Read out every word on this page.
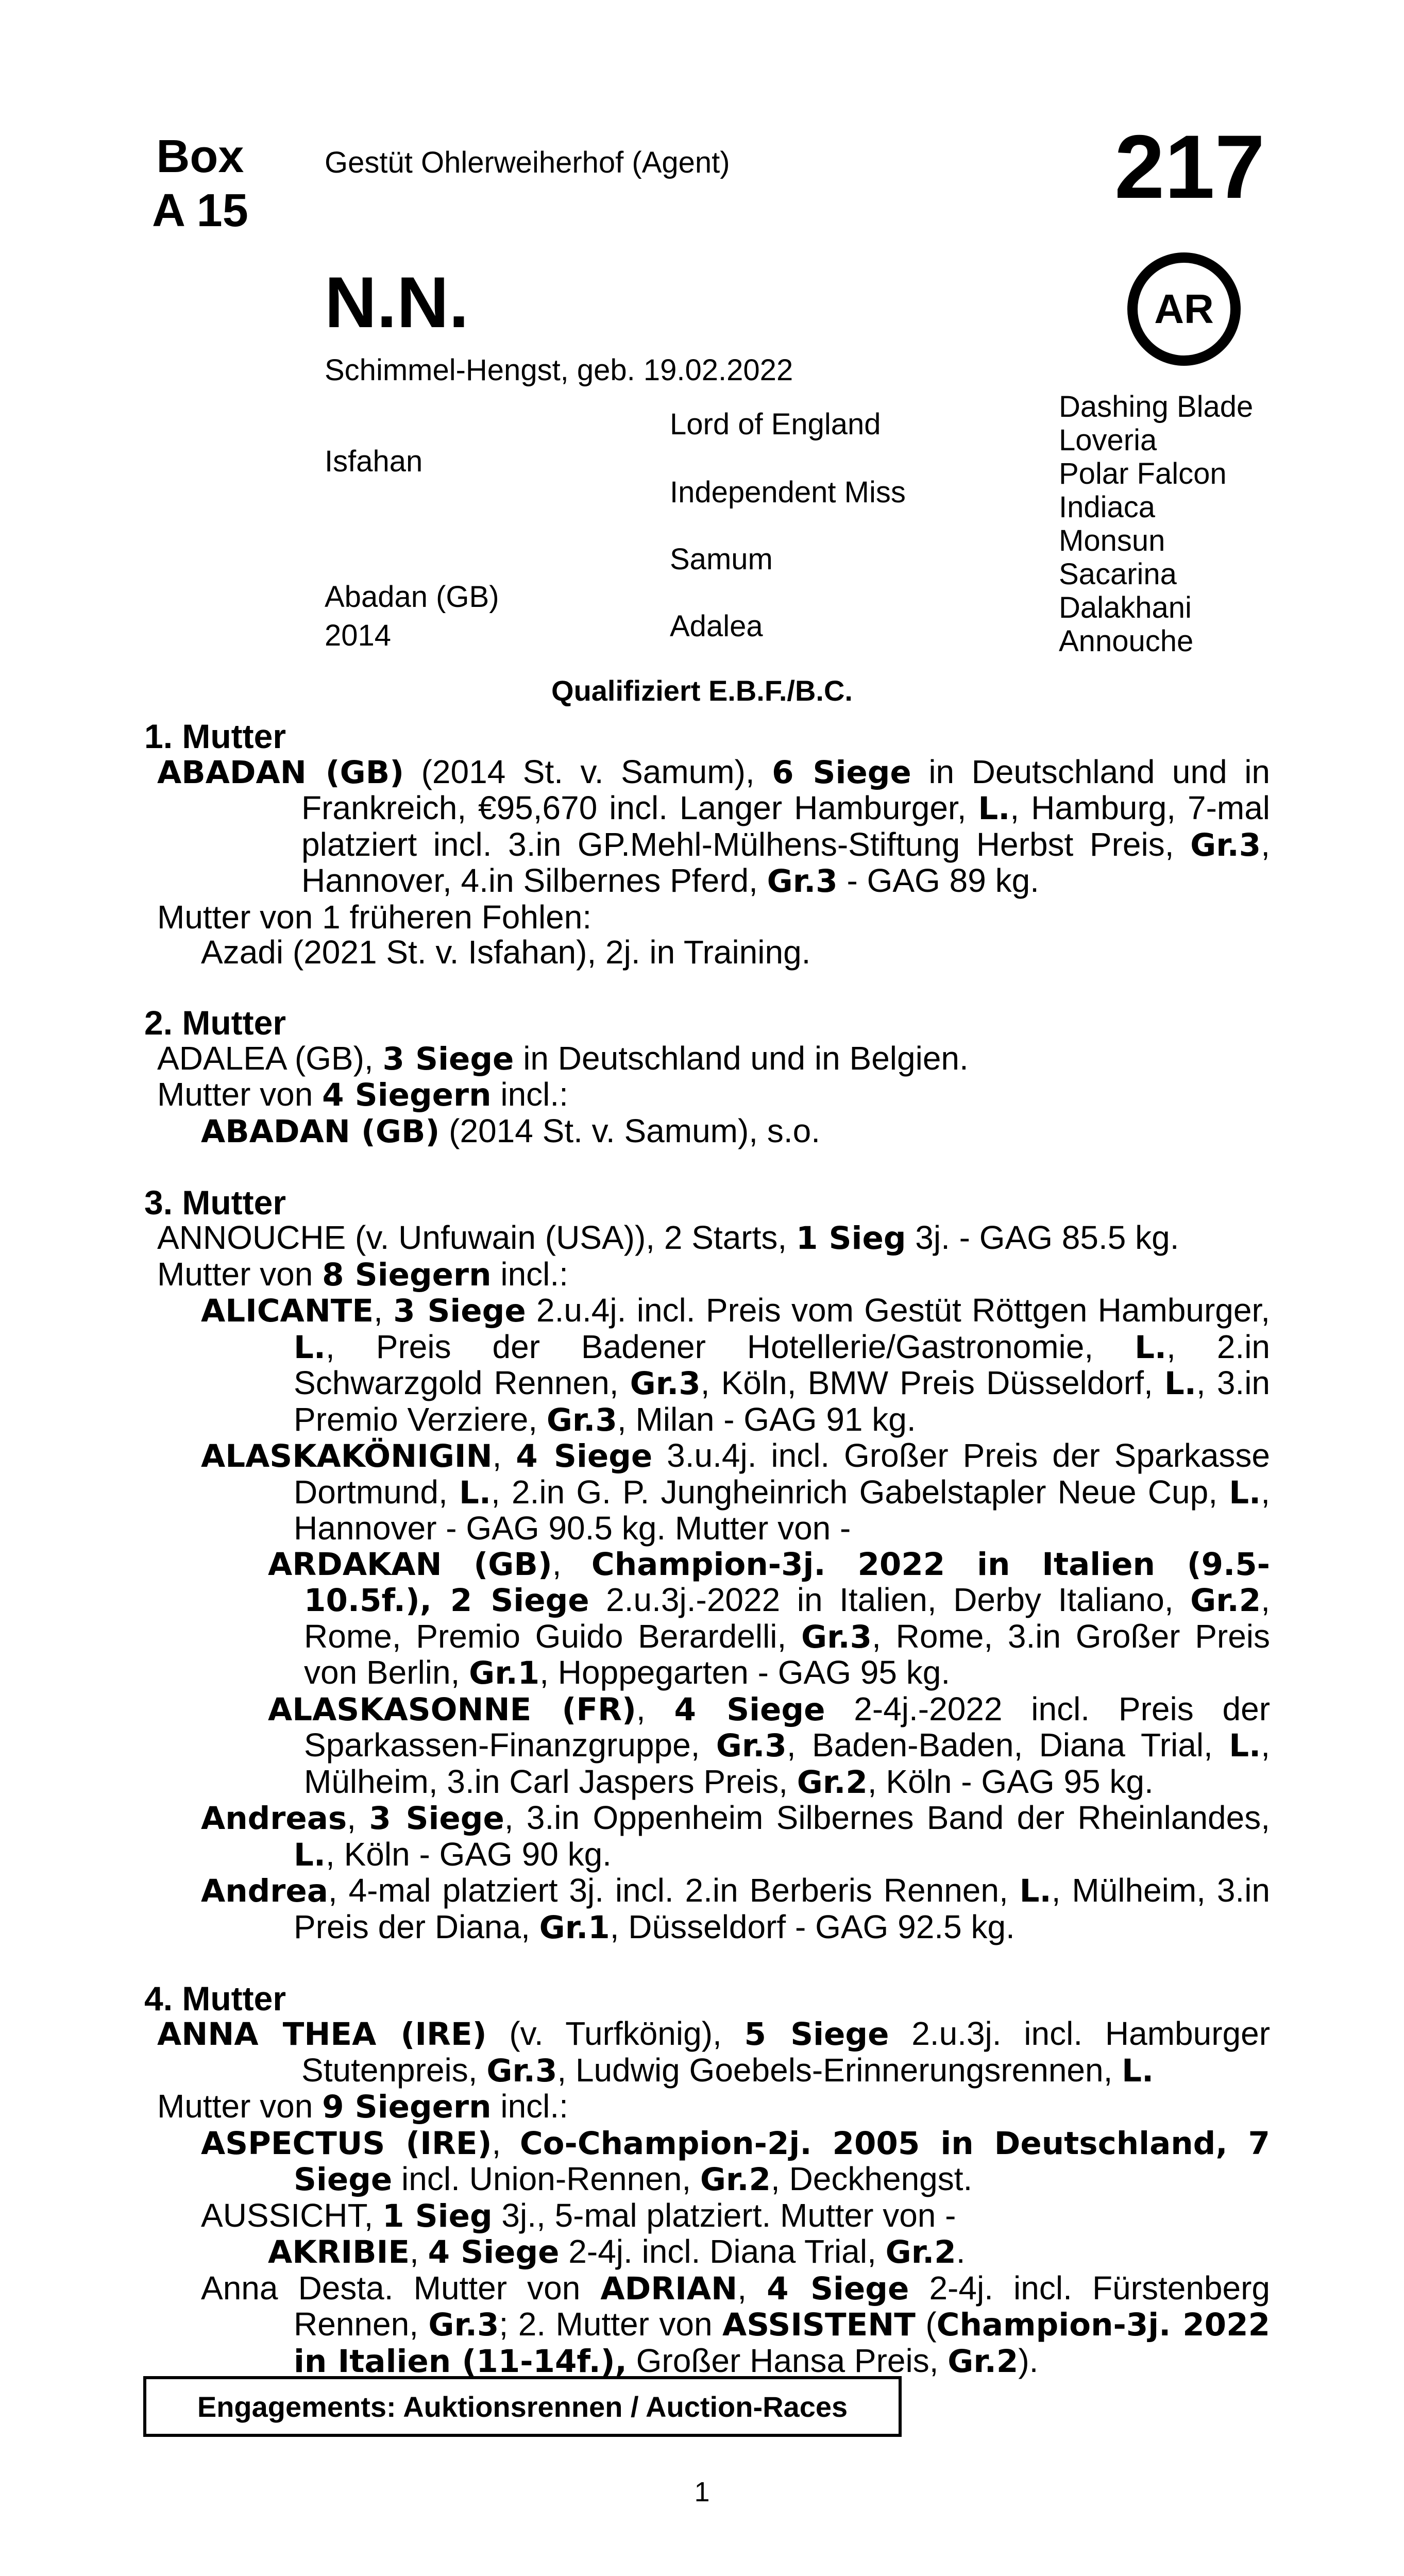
Box
A 15
Gestüt Ohlerweiherhof (Agent)	217
AR
N.N.
Schimmel-Hengst, geb. 19.02.2022
Isfahan
Abadan (GB)
2014
Lord of England
Independent Miss
Samum
Adalea
Dashing Blade
Loveria
Polar Falcon
Indiaca
Monsun
Sacarina
Dalakhani
Annouche
Qualifiziert E.B.F./B.C.
1. Mutter
ABADAN (GB) (2014 St. v. Samum), 6 Siege in Deutschland und in Frankreich, €95,670 incl. Langer Hamburger, L., Hamburg, 7-mal platziert incl. 3.in GP.Mehl-Mülhens-Stiftung Herbst Preis, Gr.3, Hannover, 4.in Silbernes Pferd, Gr.3 - GAG 89 kg.
Mutter von 1 früheren Fohlen:
Azadi (2021 St. v. Isfahan), 2j. in Training.
2. Mutter
ADALEA (GB), 3 Siege in Deutschland und in Belgien.
Mutter von 4 Siegern incl.:
ABADAN (GB) (2014 St. v. Samum), s.o.
3. Mutter
ANNOUCHE (v. Unfuwain (USA)), 2 Starts, 1 Sieg 3j. - GAG 85.5 kg.
Mutter von 8 Siegern incl.:
ALICANTE, 3 Siege 2.u.4j. incl. Preis vom Gestüt Röttgen Hamburger, L., Preis der Badener Hotellerie/Gastronomie, L., 2.in Schwarzgold Rennen, Gr.3, Köln, BMW Preis Düsseldorf, L., 3.in Premio Verziere, Gr.3, Milan - GAG 91 kg.
ALASKAKÖNIGIN, 4 Siege 3.u.4j. incl. Großer Preis der Sparkasse Dortmund, L., 2.in G. P. Jungheinrich Gabelstapler Neue Cup, L., Hannover - GAG 90.5 kg. Mutter von -
ARDAKAN (GB), Champion-3j. 2022 in Italien (9.5-10.5f.), 2 Siege 2.u.3j.-2022 in Italien, Derby Italiano, Gr.2, Rome, Premio Guido Berardelli, Gr.3, Rome, 3.in Großer Preis von Berlin, Gr.1, Hoppegarten - GAG 95 kg.
ALASKASONNE (FR), 4 Siege 2-4j.-2022 incl. Preis der Sparkassen-Finanzgruppe, Gr.3, Baden-Baden, Diana Trial, L., Mülheim, 3.in Carl Jaspers Preis, Gr.2, Köln - GAG 95 kg.
Andreas, 3 Siege, 3.in Oppenheim Silbernes Band der Rheinlandes, L., Köln - GAG 90 kg.
Andrea, 4-mal platziert 3j. incl. 2.in Berberis Rennen, L., Mülheim, 3.in Preis der Diana, Gr.1, Düsseldorf - GAG 92.5 kg.
4. Mutter
ANNA THEA (IRE) (v. Turfkönig), 5 Siege 2.u.3j. incl. Hamburger Stutenpreis, Gr.3, Ludwig Goebels-Erinnerungsrennen, L.
Mutter von 9 Siegern incl.:
ASPECTUS (IRE), Co-Champion-2j. 2005 in Deutschland, 7 Siege incl. Union-Rennen, Gr.2, Deckhengst.
AUSSICHT, 1 Sieg 3j., 5-mal platziert. Mutter von -
AKRIBIE, 4 Siege 2-4j. incl. Diana Trial, Gr.2.
Anna Desta. Mutter von ADRIAN, 4 Siege 2-4j. incl. Fürstenberg Rennen, Gr.3; 2. Mutter von ASSISTENT (Champion-3j. 2022 in Italien (11-14f.), Großer Hansa Preis, Gr.2).
Engagements: Auktionsrennen / Auction-Races
1
